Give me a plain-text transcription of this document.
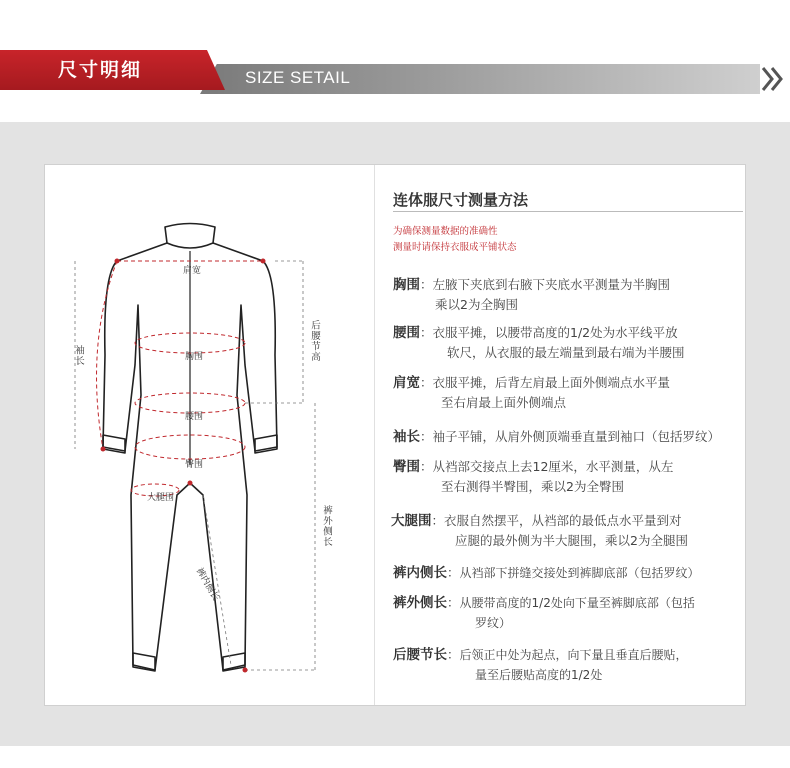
尺寸明细	SIZE SETAIL
肩宽
胸围
腰围
臀围
大腿围
袖长	后腰节高
裤外侧长
裤内侧长
连体服尺寸测量方法
为确保测量数据的准确性
测量时请保持衣服成平铺状态
胸围：左腋下夹底到右腋下夹底水平测量为半胸围
乘以2为全胸围
腰围：衣服平摊，以腰带高度的1/2处为水平线平放
软尺，从衣服的最左端量到最右端为半腰围
肩宽：衣服平摊，后背左肩最上面外侧端点水平量
至右肩最上面外侧端点
袖长：袖子平铺，从肩外侧顶端垂直量到袖口（包括罗纹）
臀围：从裆部交接点上去12厘米，水平测量，从左
至右测得半臀围，乘以2为全臀围
大腿围：衣服自然摆平，从裆部的最低点水平量到对
应腿的最外侧为半大腿围，乘以2为全腿围
裤内侧长：从裆部下拼缝交接处到裤脚底部（包括罗纹）
裤外侧长：从腰带高度的1/2处向下量至裤脚底部（包括
罗纹）
后腰节长：后领正中处为起点，向下量且垂直后腰贴，
量至后腰贴高度的1/2处
